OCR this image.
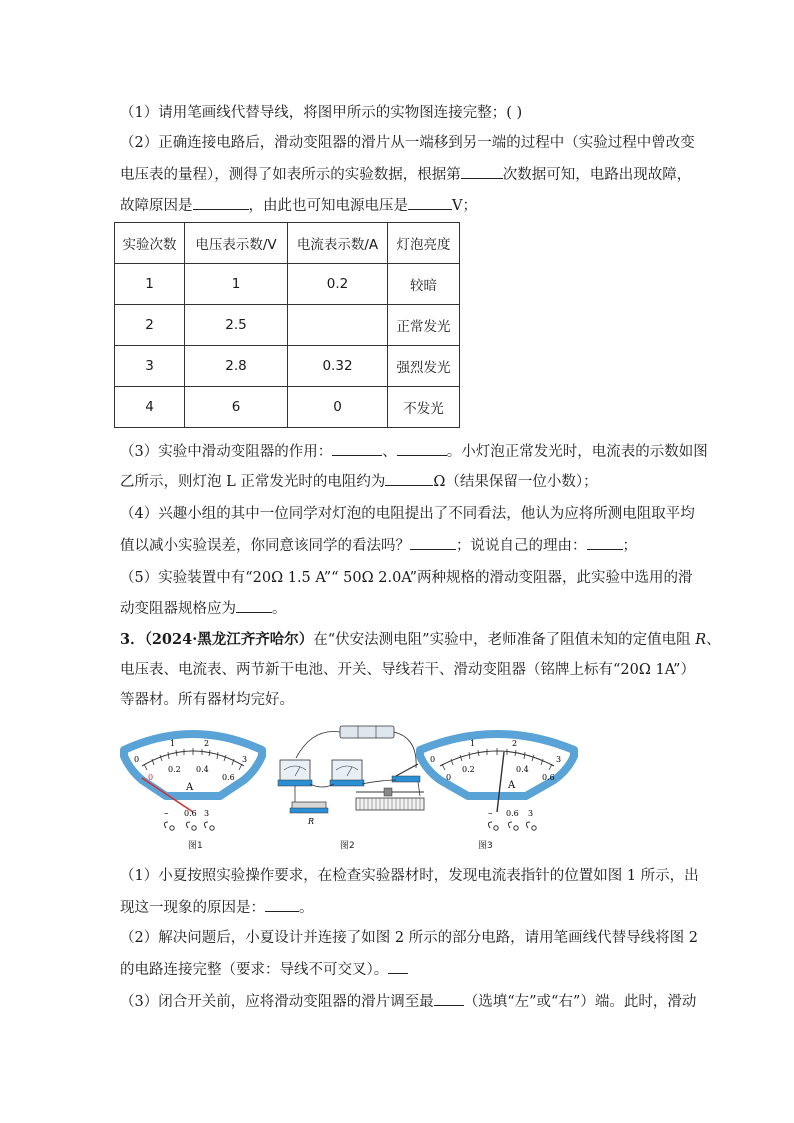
（1）请用笔画线代替导线，将图甲所示的实物图连接完整；( )
（2）正确连接电路后，滑动变阻器的滑片从一端移到另一端的过程中（实验过程中曾改变
电压表的量程），测得了如表所示的实验数据，根据第	次数据可知，电路出现故障，
故障原因是	，由此也可知电源电压是	V；
实验次数	电压表示数/V	电流表示数/A	灯泡亮度
1	1	0.2	较暗
2	2.5		正常发光
3	2.8	0.32	强烈发光
4	6	0	不发光
（3）实验中滑动变阻器的作用：	、	。小灯泡正常发光时，电流表的示数如图
乙所示，则灯泡 L 正常发光时的电阻约为	Ω（结果保留一位小数）；
（4）兴趣小组的其中一位同学对灯泡的电阻提出了不同看法，他认为应将所测电阻取平均
值以减小实验误差，你同意该同学的看法吗？	；说说自己的理由： ；
（5）实验装置中有“20Ω 1.5 A”“ 50Ω 2.0A”两种规格的滑动变阻器，此实验中选用的滑
动变阻器规格应为 。
3．（2024·黑龙江齐齐哈尔）在“伏安法测电阻”实验中，老师准备了阻值未知的定值电阻 R、
电压表、电流表、两节新干电池、开关、导线若干、滑动变阻器（铭牌上标有“20Ω 1A”）
等器材。所有器材均完好。
0
1	2
3
0
0.2 0.4
0.6
A
– 0.6 3
图1
R
图2
0
1	2
3
0
0.2	0.4
0.6
A
– 0.6 3
图3
（1）小夏按照实验操作要求，在检查实验器材时，发现电流表指针的位置如图 1 所示，出
现这一现象的原因是： 。
（2）解决问题后，小夏设计并连接了如图 2 所示的部分电路，请用笔画线代替导线将图 2
的电路连接完整（要求：导线不可交叉）。
（3）闭合开关前，应将滑动变阻器的滑片调至最 （选填“左”或“右”）端。此时，滑动
